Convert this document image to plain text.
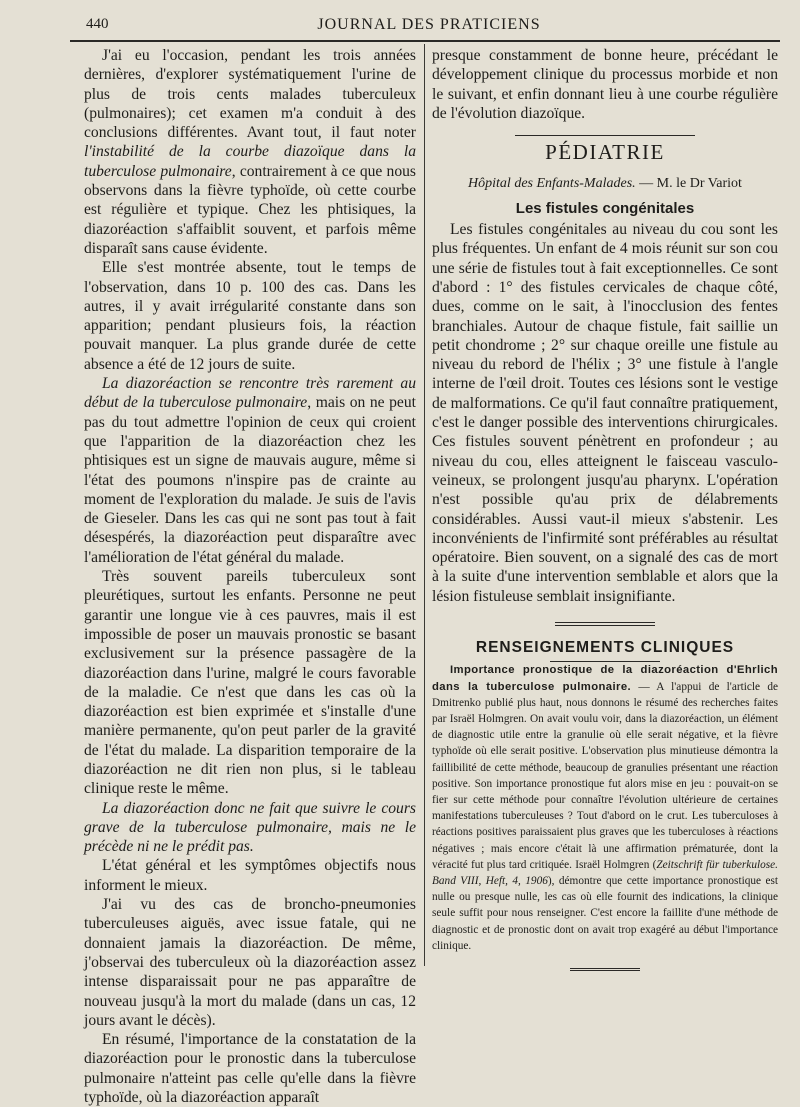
440	JOURNAL DES PRATICIENS

J'ai eu l'occasion, pendant les trois années dernières, d'explorer systématiquement l'urine de plus de trois cents malades tuberculeux (pulmonaires); cet examen m'a conduit à des conclusions différentes. Avant tout, il faut noter l'instabilité de la courbe diazoïque dans la tuberculose pulmonaire, contrairement à ce que nous observons dans la fièvre typhoïde, où cette courbe est régulière et typique. Chez les phtisiques, la diazoréaction s'affaiblit souvent, et parfois même disparaît sans cause évidente.

Elle s'est montrée absente, tout le temps de l'observation, dans 10 p. 100 des cas. Dans les autres, il y avait irrégularité constante dans son apparition; pendant plusieurs fois, la réaction pouvait manquer. La plus grande durée de cette absence a été de 12 jours de suite.

La diazoréaction se rencontre très rarement au début de la tuberculose pulmonaire, mais on ne peut pas du tout admettre l'opinion de ceux qui croient que l'apparition de la diazoréaction chez les phtisiques est un signe de mauvais augure, même si l'état des poumons n'inspire pas de crainte au moment de l'exploration du malade. Je suis de l'avis de Gieseler. Dans les cas qui ne sont pas tout à fait désespérés, la diazoréaction peut disparaître avec l'amélioration de l'état général du malade.

Très souvent pareils tuberculeux sont pleurétiques, surtout les enfants. Personne ne peut garantir une longue vie à ces pauvres, mais il est impossible de poser un mauvais pronostic se basant exclusivement sur la présence passagère de la diazoréaction dans l'urine, malgré le cours favorable de la maladie. Ce n'est que dans les cas où la diazoréaction est bien exprimée et s'installe d'une manière permanente, qu'on peut parler de la gravité de l'état du malade. La disparition temporaire de la diazoréaction ne dit rien non plus, si le tableau clinique reste le même.

La diazoréaction donc ne fait que suivre le cours grave de la tuberculose pulmonaire, mais ne le précède ni ne le prédit pas.

L'état général et les symptômes objectifs nous informent le mieux.

J'ai vu des cas de broncho-pneumonies tuberculeuses aiguës, avec issue fatale, qui ne donnaient jamais la diazoréaction. De même, j'observai des tuberculeux où la diazoréaction assez intense disparaissait pour ne pas apparaître de nouveau jusqu'à la mort du malade (dans un cas, 12 jours avant le décès).

En résumé, l'importance de la constatation de la diazoréaction pour le pronostic dans la tuberculose pulmonaire n'atteint pas celle qu'elle dans la fièvre typhoïde, où la diazoréaction apparaît

presque constamment de bonne heure, précédant le développement clinique du processus morbide et non le suivant, et enfin donnant lieu à une courbe régulière de l'évolution diazoïque.

PÉDIATRIE
Hôpital des Enfants-Malades. — M. le Dr Variot
Les fistules congénitales

Les fistules congénitales au niveau du cou sont les plus fréquentes. Un enfant de 4 mois réunit sur son cou une série de fistules tout à fait exceptionnelles. Ce sont d'abord : 1° des fistules cervicales de chaque côté, dues, comme on le sait, à l'inocclusion des fentes branchiales. Autour de chaque fistule, fait saillie un petit chondrome ; 2° sur chaque oreille une fistule au niveau du rebord de l'hélix ; 3° une fistule à l'angle interne de l'œil droit. Toutes ces lésions sont le vestige de malformations. Ce qu'il faut connaître pratiquement, c'est le danger possible des interventions chirurgicales. Ces fistules souvent pénètrent en profondeur ; au niveau du cou, elles atteignent le faisceau vasculo-veineux, se prolongent jusqu'au pharynx. L'opération n'est possible qu'au prix de délabrements considérables. Aussi vaut-il mieux s'abstenir. Les inconvénients de l'infirmité sont préférables au résultat opératoire. Bien souvent, on a signalé des cas de mort à la suite d'une intervention semblable et alors que la lésion fistuleuse semblait insignifiante.

RENSEIGNEMENTS CLINIQUES

Importance pronostique de la diazoréaction d'Ehrlich dans la tuberculose pulmonaire. — A l'appui de l'article de Dmitrenko publié plus haut, nous donnons le résumé des recherches faites par Israël Holmgren. On avait voulu voir, dans la diazoréaction, un élément de diagnostic utile entre la granulie où elle serait négative, et la fièvre typhoïde où elle serait positive. L'observation plus minutieuse démontra la faillibilité de cette méthode, beaucoup de granulies présentant une réaction positive. Son importance pronostique fut alors mise en jeu : pouvait-on se fier sur cette méthode pour connaître l'évolution ultérieure de certaines manifestations tuberculeuses ? Tout d'abord on le crut. Les tuberculoses à réactions positives paraissaient plus graves que les tuberculoses à réactions négatives ; mais encore c'était là une affirmation prématurée, dont la véracité fut plus tard critiquée. Israël Holmgren (Zeitschrift für tuberkulose. Band VIII, Heft, 4, 1906), démontre que cette importance pronostique est nulle ou presque nulle, les cas où elle fournit des indications, la clinique seule suffit pour nous renseigner. C'est encore la faillite d'une méthode de diagnostic et de pronostic dont on avait trop exagéré au début l'importance clinique.
